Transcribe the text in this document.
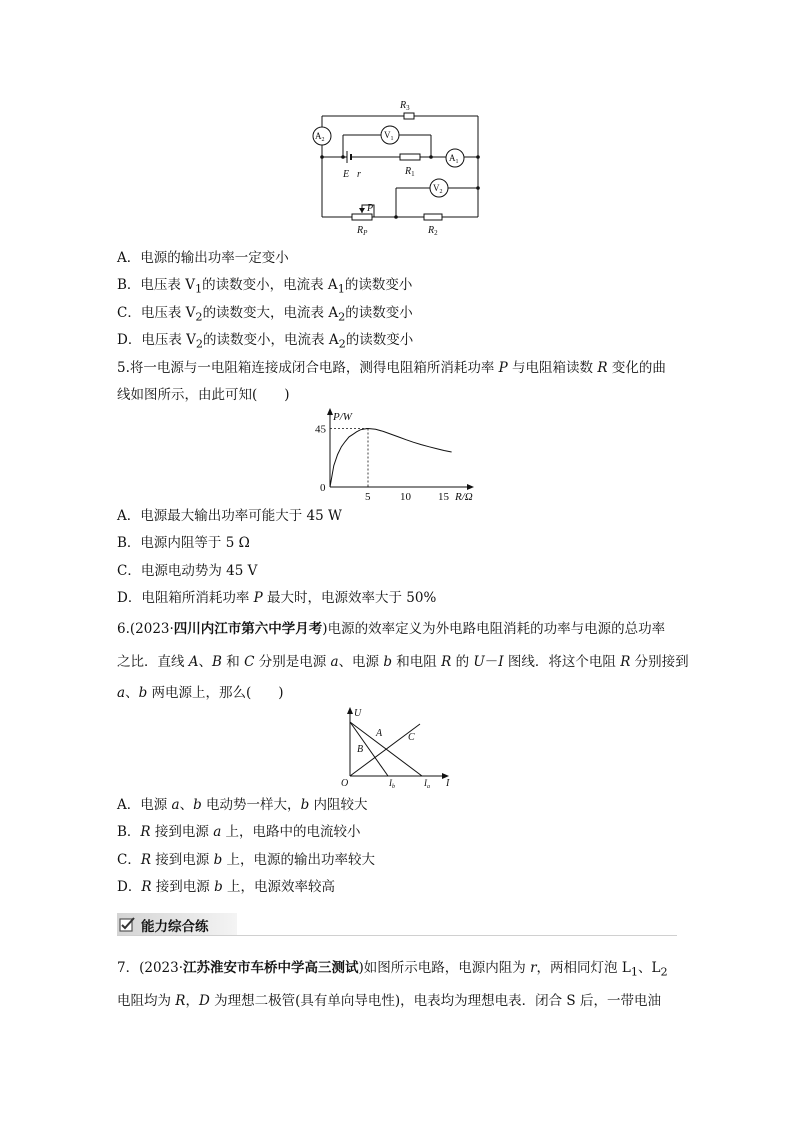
$R_3$
$A_2$	$V_1$
$A_1$
$V_2$
E r	$R_1$
P
$R_P$	$R_2$
A．电源的输出功率一定变小
B．电压表 $V_1$的读数变小，电流表 $A_1$的读数变小
C．电压表 $V_2$的读数变大，电流表 $A_2$的读数变小
D．电压表 $V_2$的读数变小，电流表 $A_2$的读数变小
5.将一电源与一电阻箱连接成闭合电路，测得电阻箱所消耗功率 P 与电阻箱读数 R 变化的曲
线如图所示，由此可知(　　)
0
5	10 15
45
P/W
R/Ω
A．电源最大输出功率可能大于 45 W
B．电源内阻等于 5 Ω
C．电源电动势为 45 V
D．电阻箱所消耗功率 P 最大时，电源效率大于 50%
6.(2023·四川内江市第六中学月考)电源的效率定义为外电路电阻消耗的功率与电源的总功率
之比．直线 A、B 和 C 分别是电源 a、电源 b 和电阻 R 的 U－I 图线．将这个电阻 R 分别接到
a、b 两电源上，那么(　　)
U
I
O
A
B
C
$I_b$	$I_a$
A．电源 a、b 电动势一样大，b 内阻较大
B．R 接到电源 a 上，电路中的电流较小
C．R 接到电源 b 上，电源的输出功率较大
D．R 接到电源 b 上，电源效率较高
能力综合练
7．(2023·江苏淮安市车桥中学高三测试)如图所示电路，电源内阻为 r，两相同灯泡 $L_1$、$L_2$
电阻均为 R，D 为理想二极管(具有单向导电性)，电表均为理想电表．闭合 S 后，一带电油
